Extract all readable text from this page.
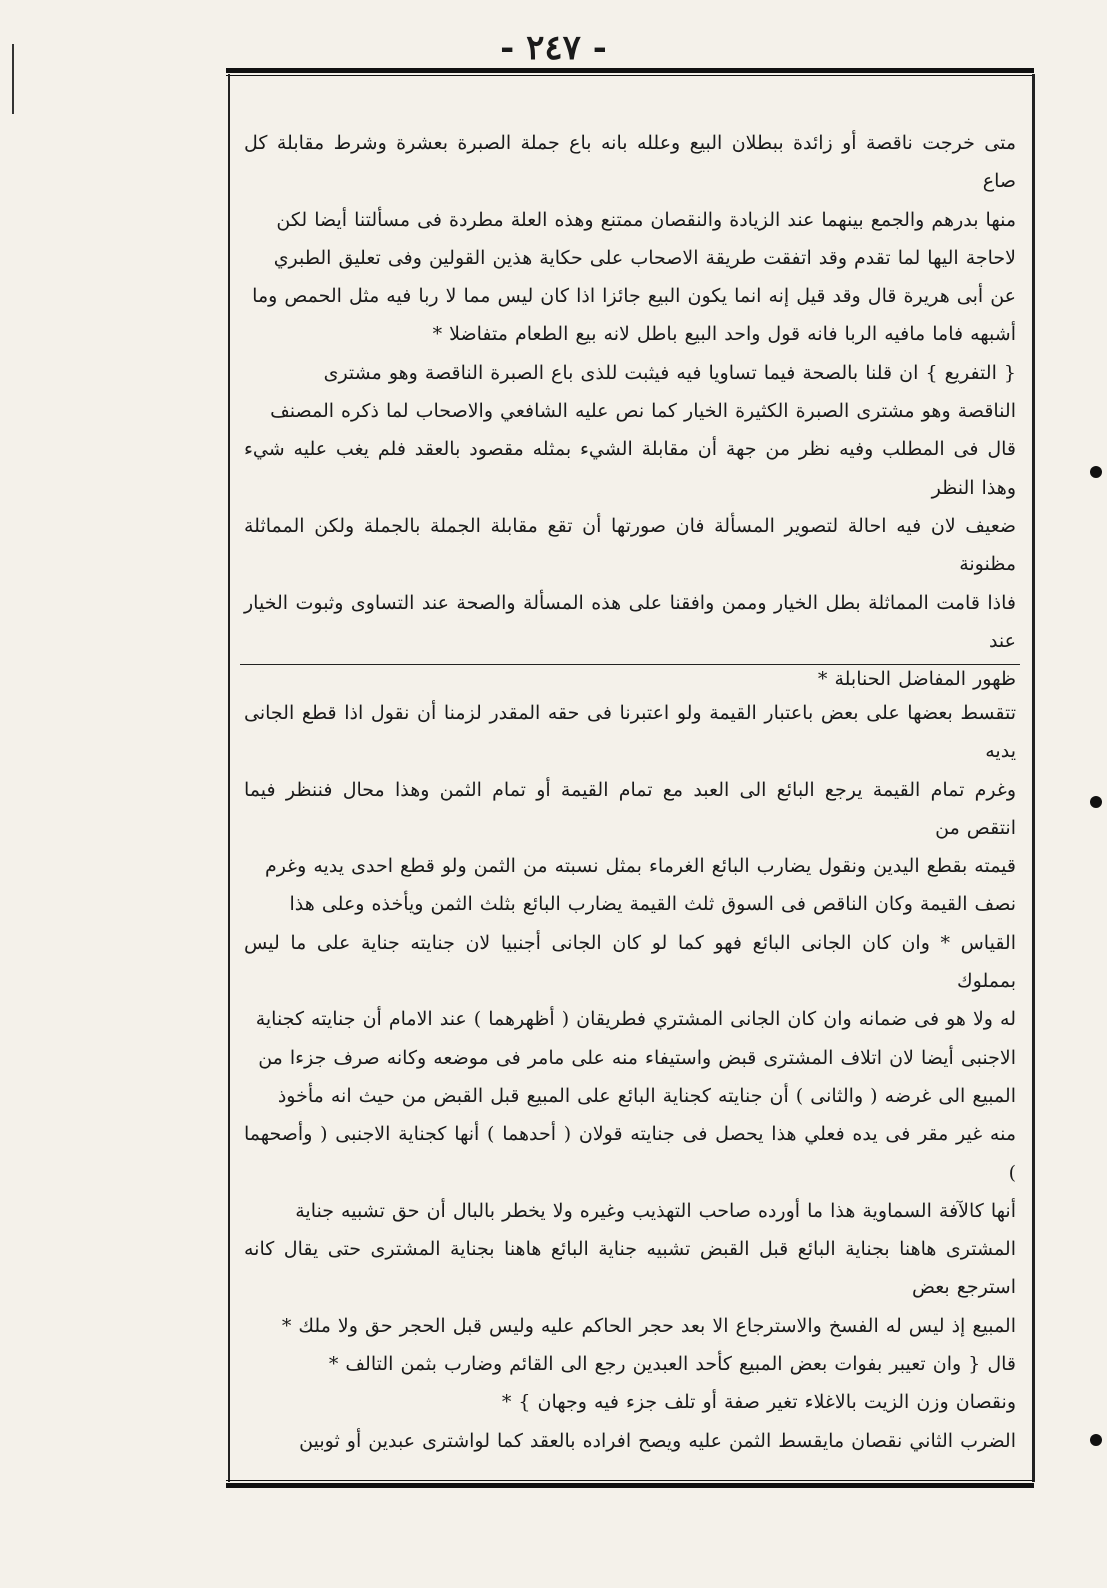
- ٢٤٧ -

متى خرجت ناقصة أو زائدة ببطلان البيع وعلله بانه باع جملة الصبرة بعشرة وشرط مقابلة كل صاع

منها بدرهم والجمع بينهما عند الزيادة والنقصان ممتنع وهذه العلة مطردة فى مسألتنا أيضا لكن

لاحاجة اليها لما تقدم وقد اتفقت طريقة الاصحاب على حكاية هذين القولين وفى تعليق الطبري

عن أبى هريرة قال وقد قيل إنه انما يكون البيع جائزا اذا كان ليس مما لا ربا فيه مثل الحمص وما

أشبهه فاما مافيه الربا فانه قول واحد البيع باطل لانه بيع الطعام متفاضلا *

{ التفريع } ان قلنا بالصحة فيما تساويا فيه فيثبت للذى باع الصبرة الناقصة وهو مشترى

الناقصة وهو مشترى الصبرة الكثيرة الخيار كما نص عليه الشافعي والاصحاب لما ذكره المصنف

قال فى المطلب وفيه نظر من جهة أن مقابلة الشيء بمثله مقصود بالعقد فلم يغب عليه شيء وهذا النظر

ضعيف لان فيه احالة لتصوير المسألة فان صورتها أن تقع مقابلة الجملة بالجملة ولكن المماثلة مظنونة

فاذا قامت المماثلة بطل الخيار وممن وافقنا على هذه المسألة والصحة عند التساوى وثبوت الخيار عند

ظهور المفاضل الحنابلة *

تتقسط بعضها على بعض باعتبار القيمة ولو اعتبرنا فى حقه المقدر لزمنا أن نقول اذا قطع الجانى يديه

وغرم تمام القيمة يرجع البائع الى العبد مع تمام القيمة أو تمام الثمن وهذا محال فننظر فيما انتقص من

قيمته بقطع اليدين ونقول يضارب البائع الغرماء بمثل نسبته من الثمن ولو قطع احدى يديه وغرم

نصف القيمة وكان الناقص فى السوق ثلث القيمة يضارب البائع بثلث الثمن ويأخذه وعلى هذا

القياس * وان كان الجانى البائع فهو كما لو كان الجانى أجنبيا لان جنايته جناية على ما ليس بمملوك

له ولا هو فى ضمانه وان كان الجانى المشتري فطريقان ( أظهرهما ) عند الامام أن جنايته كجناية

الاجنبى أيضا لان اتلاف المشترى قبض واستيفاء منه على مامر فى موضعه وكانه صرف جزءا من

المبيع الى غرضه ( والثانى ) أن جنايته كجناية البائع على المبيع قبل القبض من حيث انه مأخوذ

منه غير مقر فى يده فعلي هذا يحصل فى جنايته قولان ( أحدهما ) أنها كجناية الاجنبى ( وأصحهما )

أنها كالآفة السماوية هذا ما أورده صاحب التهذيب وغيره ولا يخطر بالبال أن حق تشبيه جناية

المشترى هاهنا بجناية البائع قبل القبض تشبيه جناية البائع هاهنا بجناية المشترى حتى يقال كانه استرجع بعض

المبيع إذ ليس له الفسخ والاسترجاع الا بعد حجر الحاكم عليه وليس قبل الحجر حق ولا ملك *

قال { وان تعيبر بفوات بعض المبيع كأحد العبدين رجع الى القائم وضارب بثمن التالف *

ونقصان وزن الزيت بالاغلاء تغير صفة أو تلف جزء فيه وجهان } *

الضرب الثاني نقصان مايقسط الثمن عليه ويصح افراده بالعقد كما لواشترى عبدين أو ثوبين
